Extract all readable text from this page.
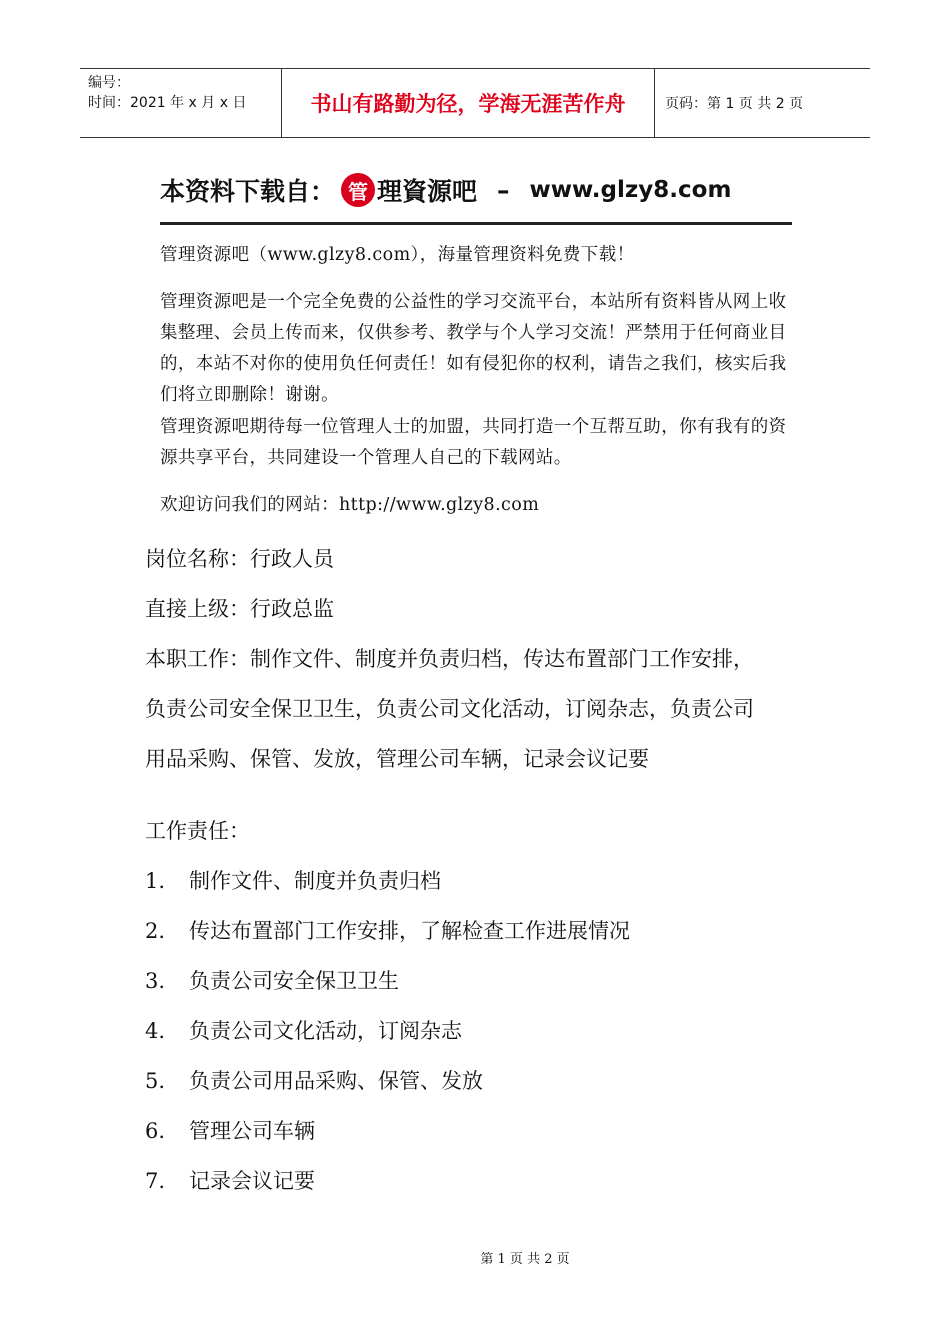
编号：
时间：2021 年 x 月 x 日	书山有路勤为径，学海无涯苦作舟	页码：第 1 页 共 2 页
本资料下载自： 管 理資源吧 – www.glzy8.com

管理资源吧（www.glzy8.com），海量管理资料免费下载！

管理资源吧是一个完全免费的公益性的学习交流平台，本站所有资料皆从网上收集整理、会员上传而来，仅供参考、教学与个人学习交流！严禁用于任何商业目的，本站不对你的使用负任何责任！如有侵犯你的权利，请告之我们，核实后我们将立即删除！谢谢。

管理资源吧期待每一位管理人士的加盟，共同打造一个互帮互助，你有我有的资源共享平台，共同建设一个管理人自己的下载网站。

欢迎访问我们的网站：http://www.glzy8.com

岗位名称：行政人员
直接上级：行政总监
本职工作：制作文件、制度并负责归档，传达布置部门工作安排，
负责公司安全保卫卫生，负责公司文化活动，订阅杂志，负责公司
用品采购、保管、发放，管理公司车辆，记录会议记要
工作责任：
1. 制作文件、制度并负责归档
2. 传达布置部门工作安排，了解检查工作进展情况
3. 负责公司安全保卫卫生
4. 负责公司文化活动，订阅杂志
5. 负责公司用品采购、保管、发放
6. 管理公司车辆
7. 记录会议记要
第 1 页 共 2 页
